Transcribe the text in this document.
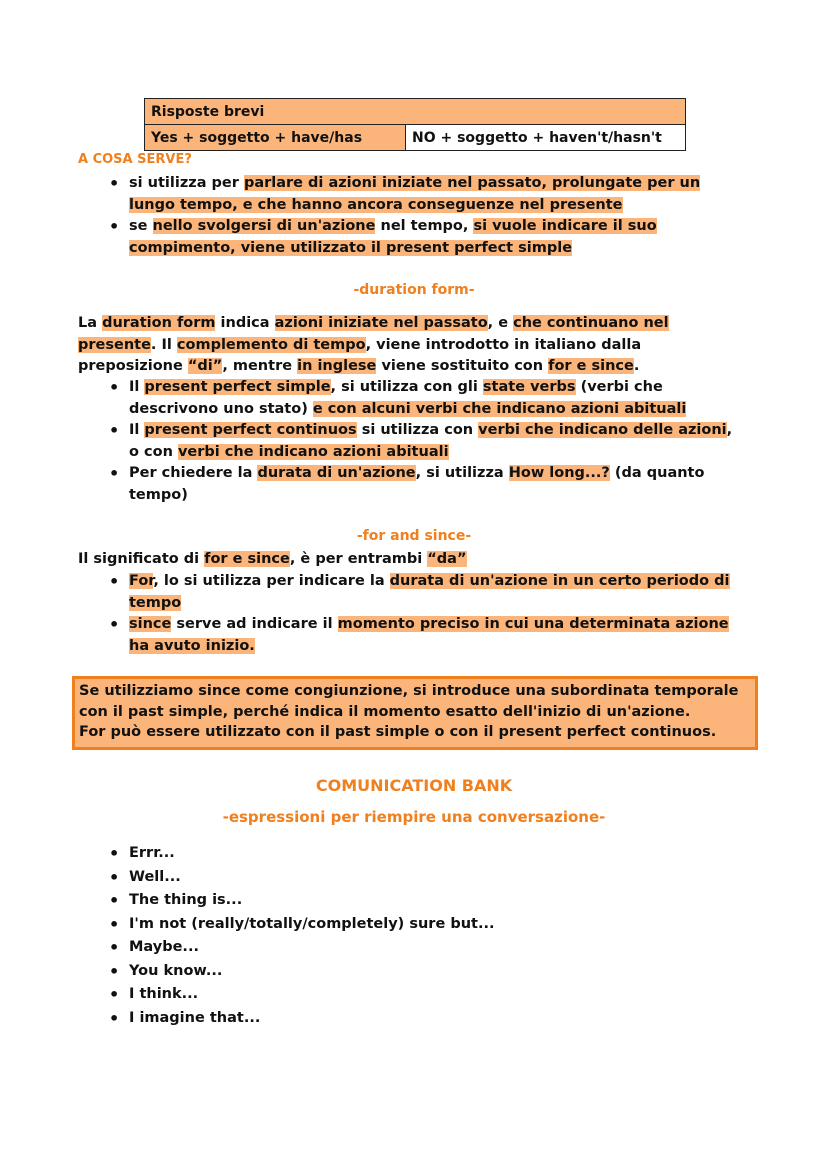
Risposte brevi
Yes + soggetto + have/has	NO + soggetto + haven't/hasn't
A COSA SERVE?
• si utilizza per parlare di azioni iniziate nel passato, prolungate per un lungo tempo, e che hanno ancora conseguenze nel presente
• se nello svolgersi di un'azione nel tempo, si vuole indicare il suo compimento, viene utilizzato il present perfect simple
-duration form-
La duration form indica azioni iniziate nel passato, e che continuano nel presente. Il complemento di tempo, viene introdotto in italiano dalla preposizione “di”, mentre in inglese viene sostituito con for e since.
• Il present perfect simple, si utilizza con gli state verbs (verbi che descrivono uno stato) e con alcuni verbi che indicano azioni abituali
• Il present perfect continuos si utilizza con verbi che indicano delle azioni, o con verbi che indicano azioni abituali
• Per chiedere la durata di un'azione, si utilizza How long...? (da quanto tempo)
-for and since-
Il significato di for e since, è per entrambi “da”
• For, lo si utilizza per indicare la durata di un'azione in un certo periodo di tempo
• since serve ad indicare il momento preciso in cui una determinata azione ha avuto inizio.
Se utilizziamo since come congiunzione, si introduce una subordinata temporale con il past simple, perché indica il momento esatto dell'inizio di un'azione.
For può essere utilizzato con il past simple o con il present perfect continuos.
COMUNICATION BANK
-espressioni per riempire una conversazione-
• Errr...
• Well...
• The thing is...
• I'm not (really/totally/completely) sure but...
• Maybe...
• You know...
• I think...
• I imagine that...
